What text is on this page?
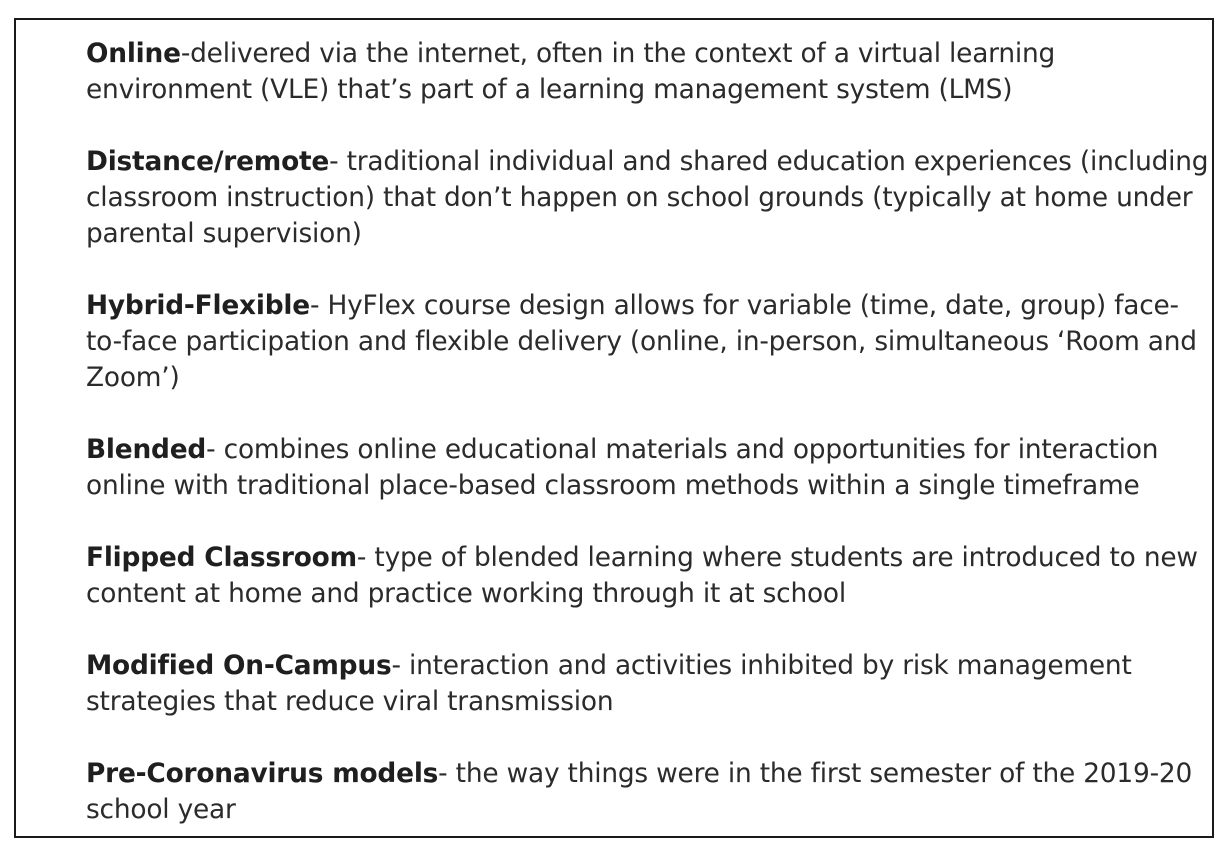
Online-delivered via the internet, often in the context of a virtual learning environment (VLE) that’s part of a learning management system (LMS)
Distance/remote- traditional individual and shared education experiences (including classroom instruction) that don’t happen on school grounds (typically at home under parental supervision)
Hybrid-Flexible- HyFlex course design allows for variable (time, date, group) face-to-face participation and flexible delivery (online, in-person, simultaneous ‘Room and Zoom’)
Blended- combines online educational materials and opportunities for interaction online with traditional place-based classroom methods within a single timeframe
Flipped Classroom- type of blended learning where students are introduced to new content at home and practice working through it at school
Modified On-Campus- interaction and activities inhibited by risk management strategies that reduce viral transmission
Pre-Coronavirus models- the way things were in the first semester of the 2019-20 school year
